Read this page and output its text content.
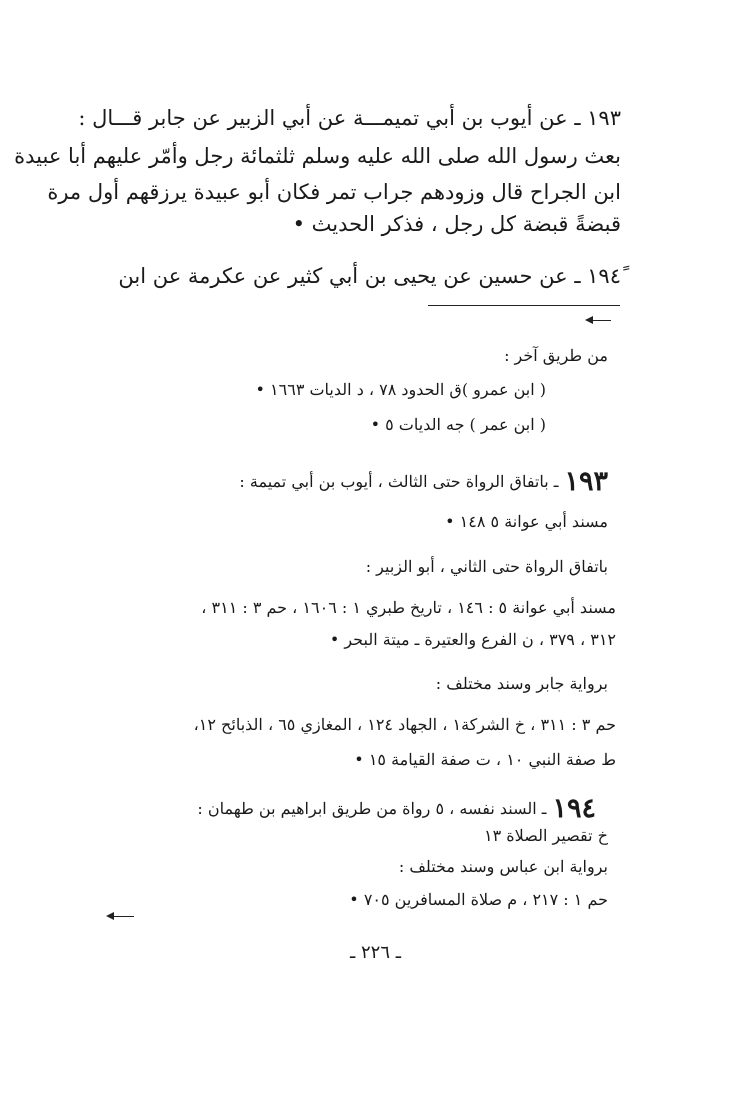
١٩٣ ـ عن أيوب بن أبي تميمـــة عن أبي الزبير عن جابر قـــال :

بعث رسول الله صلى الله عليه وسلم ثلثمائة رجل وأمّر عليهم أبا عبيدة

ابن الجراح قال وزودهم جراب تمر فكان أبو عبيدة يرزقهم أول مرة

قبضةً قبضة كل رجل ، فذكر الحديث •

١٩٤ً ـ عن حسين عن يحيى بن أبي كثير عن عكرمة عن ابن

من طريق آخر :

( ابن عمرو )ق الحدود ٧٨ ، د الديات ١٦٦٣ •

( ابن عمر ) جه الديات ٥ •

١٩٣ـ باتفاق الرواة حتى الثالث ، أيوب بن أبي تميمة :

مسند أبي عوانة ٥ ١٤٨ •

باتفاق الرواة حتى الثاني ، أبو الزبير :

مسند أبي عوانة ٥ : ١٤٦ ، تاريخ طبري ١ : ١٦٠٦ ، حم ٣ : ٣١١ ،

٣١٢ ، ٣٧٩ ، ن الفرع والعتيرة ـ ميتة البحر •

برواية جابر وسند مختلف :

حم ٣ : ٣١١ ، خ الشركة١ ، الجهاد ١٢٤ ، المغازي ٦٥ ، الذبائح ١٢،

ط صفة النبي ١٠ ، ت صفة القيامة ١٥ •

١٩٤ـ السند نفسه ، ٥ رواة من طريق ابراهيم بن طهمان :

خ تقصير الصلاة ١٣

برواية ابن عباس وسند مختلف :

حم ١ : ٢١٧ ، م صلاة المسافرين ٧٠٥ •

ـ ٢٢٦ ـ
